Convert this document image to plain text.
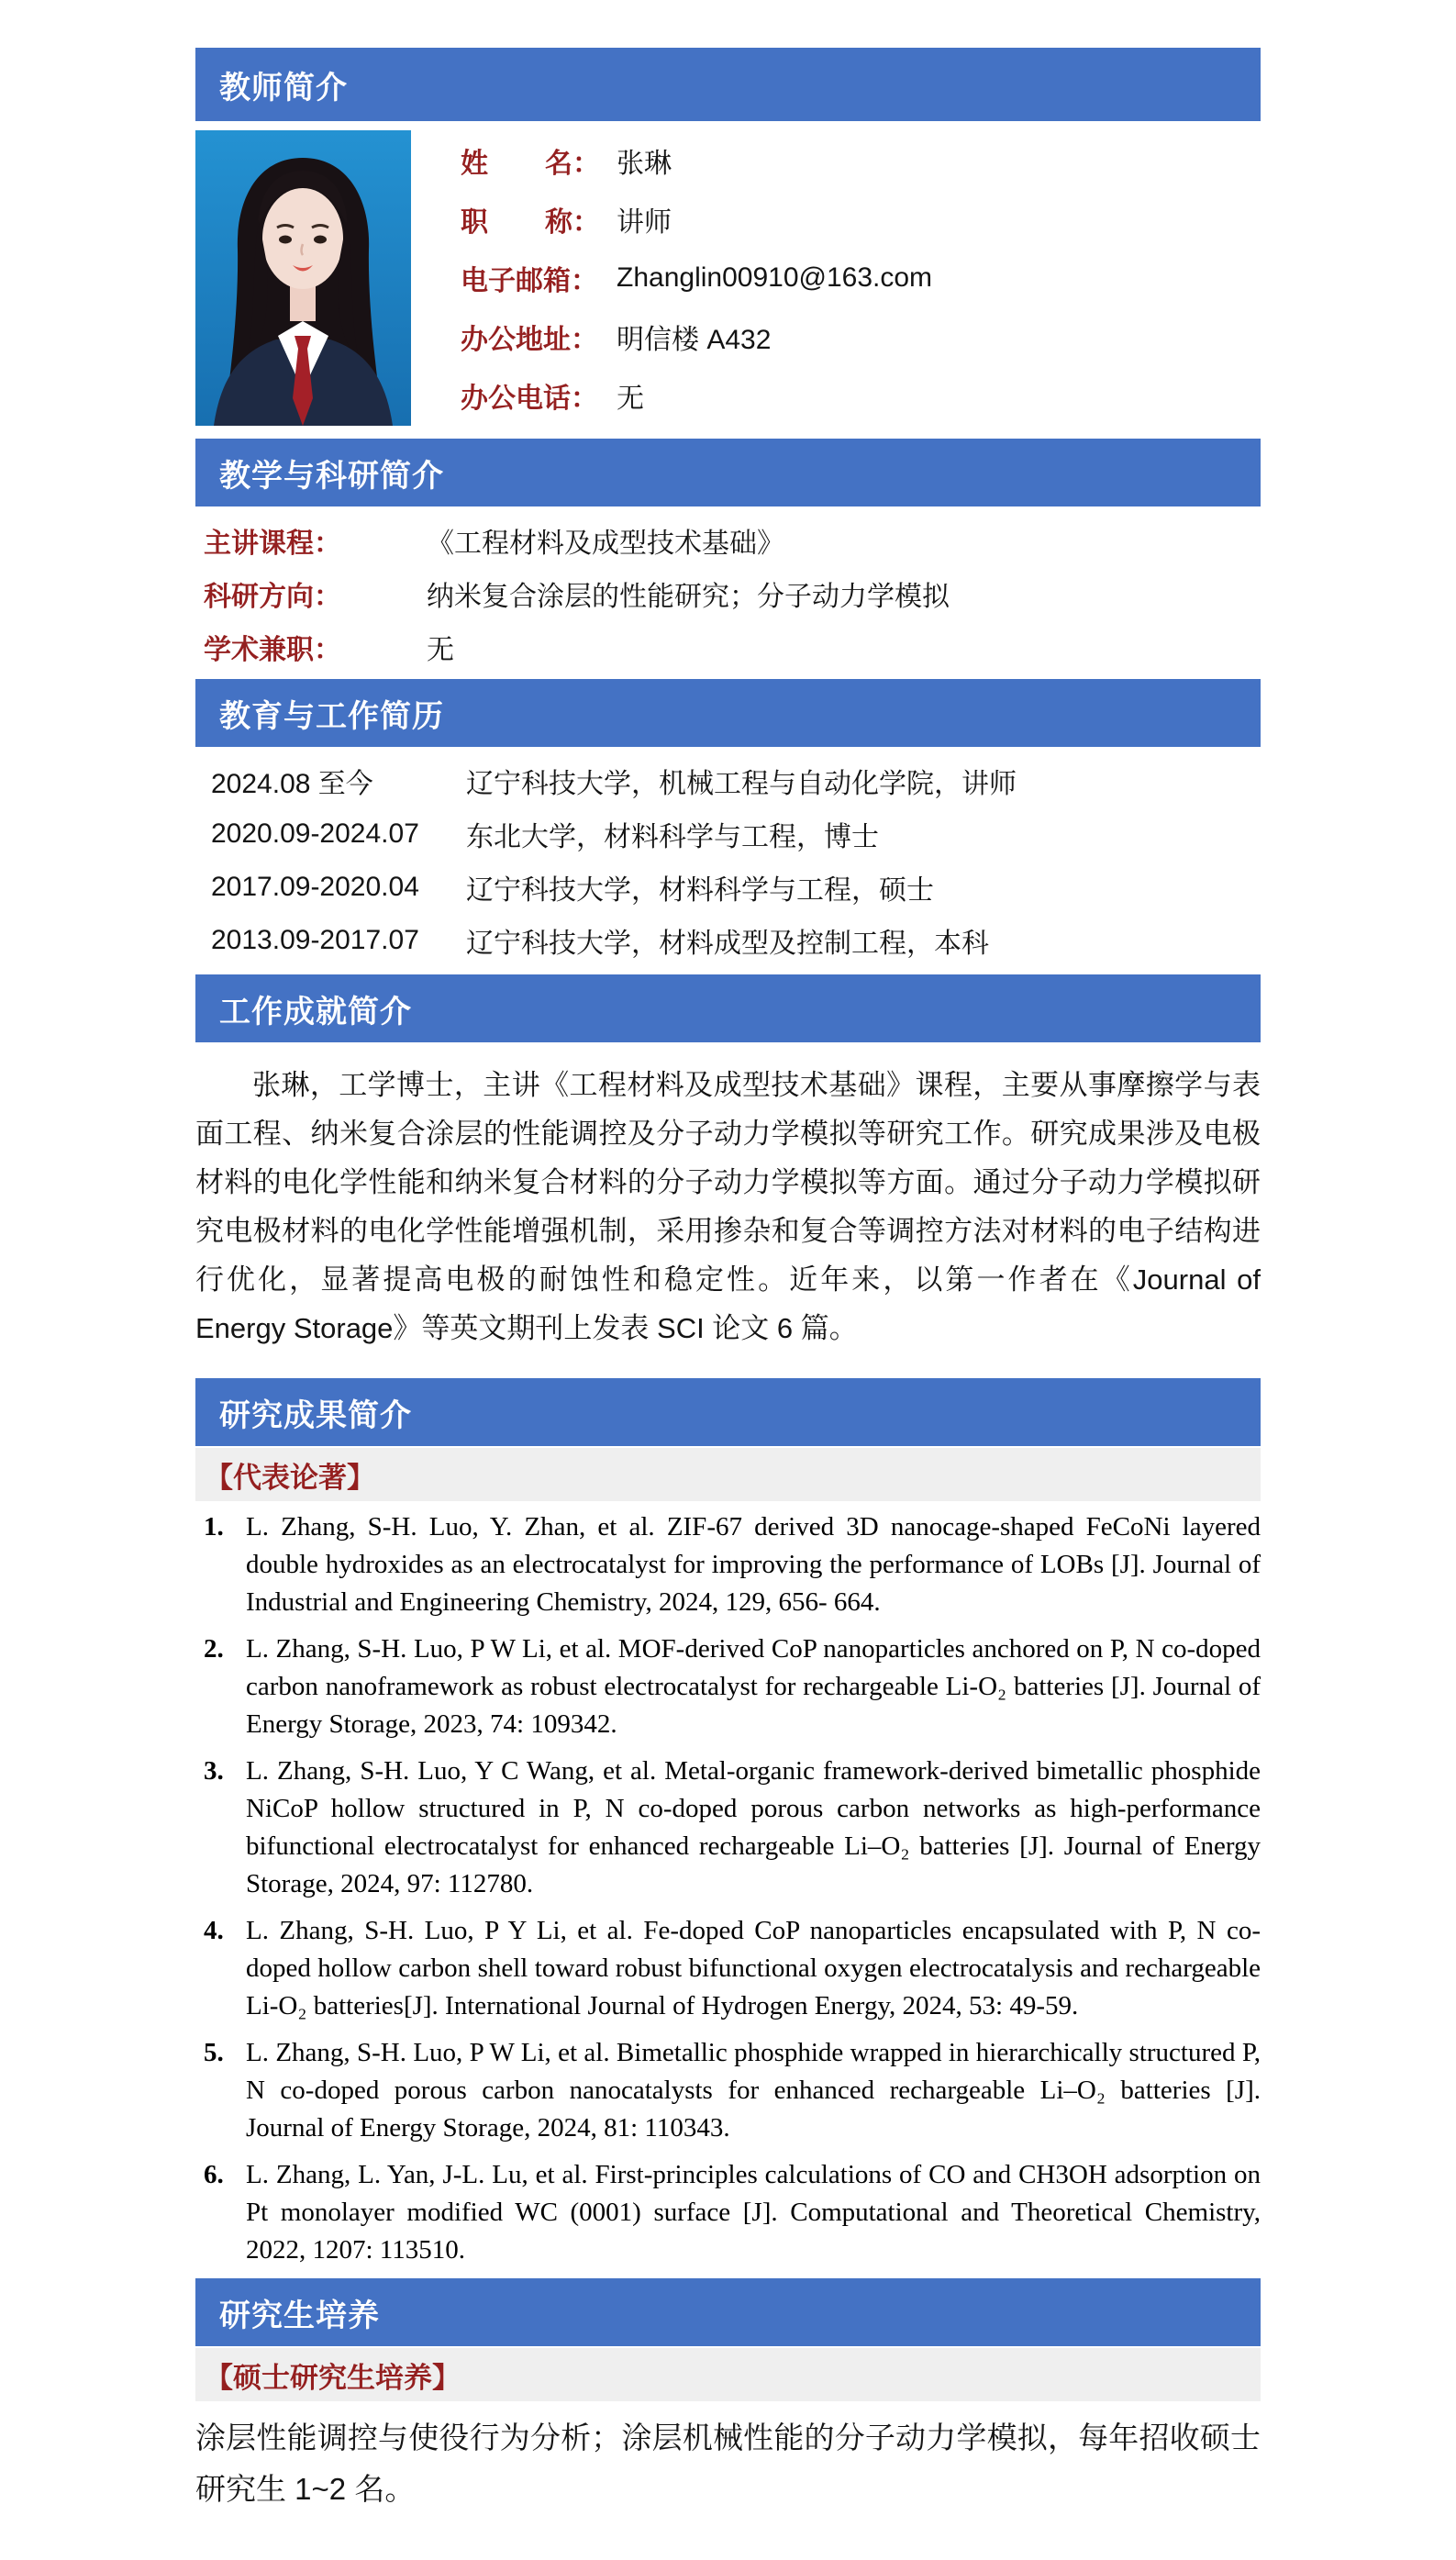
教师简介
姓 名： 张琳
职 称： 讲师
电子邮箱： Zhanglin00910@163.com
办公地址： 明信楼 A432
办公电话： 无
教学与科研简介
主讲课程：	《工程材料及成型技术基础》
科研方向：	纳米复合涂层的性能研究；分子动力学模拟
学术兼职：	无
教育与工作简历
2024.08 至今	辽宁科技大学，机械工程与自动化学院，讲师
2020.09-2024.07	东北大学，材料科学与工程，博士
2017.09-2020.04	辽宁科技大学，材料科学与工程，硕士
2013.09-2017.07	辽宁科技大学，材料成型及控制工程，本科
工作成就简介

张琳，工学博士，主讲《工程材料及成型技术基础》课程，主要从事摩擦学与表面工程、纳米复合涂层的性能调控及分子动力学模拟等研究工作。研究成果涉及电极材料的电化学性能和纳米复合材料的分子动力学模拟等方面。通过分子动力学模拟研究电极材料的电化学性能增强机制，采用掺杂和复合等调控方法对材料的电子结构进行优化，显著提高电极的耐蚀性和稳定性。近年来，以第一作者在《Journal of Energy Storage》等英文期刊上发表 SCI 论文 6 篇。

研究成果简介
【代表论著】
1. L. Zhang, S-H. Luo, Y. Zhan, et al. ZIF-67 derived 3D nanocage-shaped FeCoNi layered double hydroxides as an electrocatalyst for improving the performance of LOBs [J]. Journal of Industrial and Engineering Chemistry, 2024, 129, 656- 664.
2. L. Zhang, S-H. Luo, P W Li, et al. MOF-derived CoP nanoparticles anchored on P, N co-doped carbon nanoframework as robust electrocatalyst for rechargeable Li-O₂ batteries [J]. Journal of Energy Storage, 2023, 74: 109342.
3. L. Zhang, S-H. Luo, Y C Wang, et al. Metal-organic framework-derived bimetallic phosphide NiCoP hollow structured in P, N co-doped porous carbon networks as high-performance bifunctional electrocatalyst for enhanced rechargeable Li–O₂ batteries [J]. Journal of Energy Storage, 2024, 97: 112780.
4. L. Zhang, S-H. Luo, P Y Li, et al. Fe-doped CoP nanoparticles encapsulated with P, N co-doped hollow carbon shell toward robust bifunctional oxygen electrocatalysis and rechargeable Li-O₂ batteries[J]. International Journal of Hydrogen Energy, 2024, 53: 49-59.
5. L. Zhang, S-H. Luo, P W Li, et al. Bimetallic phosphide wrapped in hierarchically structured P, N co-doped porous carbon nanocatalysts for enhanced rechargeable Li–O₂ batteries [J]. Journal of Energy Storage, 2024, 81: 110343.
6. L. Zhang, L. Yan, J-L. Lu, et al. First-principles calculations of CO and CH3OH adsorption on Pt monolayer modified WC (0001) surface [J]. Computational and Theoretical Chemistry, 2022, 1207: 113510.
研究生培养
【硕士研究生培养】

涂层性能调控与使役行为分析；涂层机械性能的分子动力学模拟，每年招收硕士研究生 1~2 名。
